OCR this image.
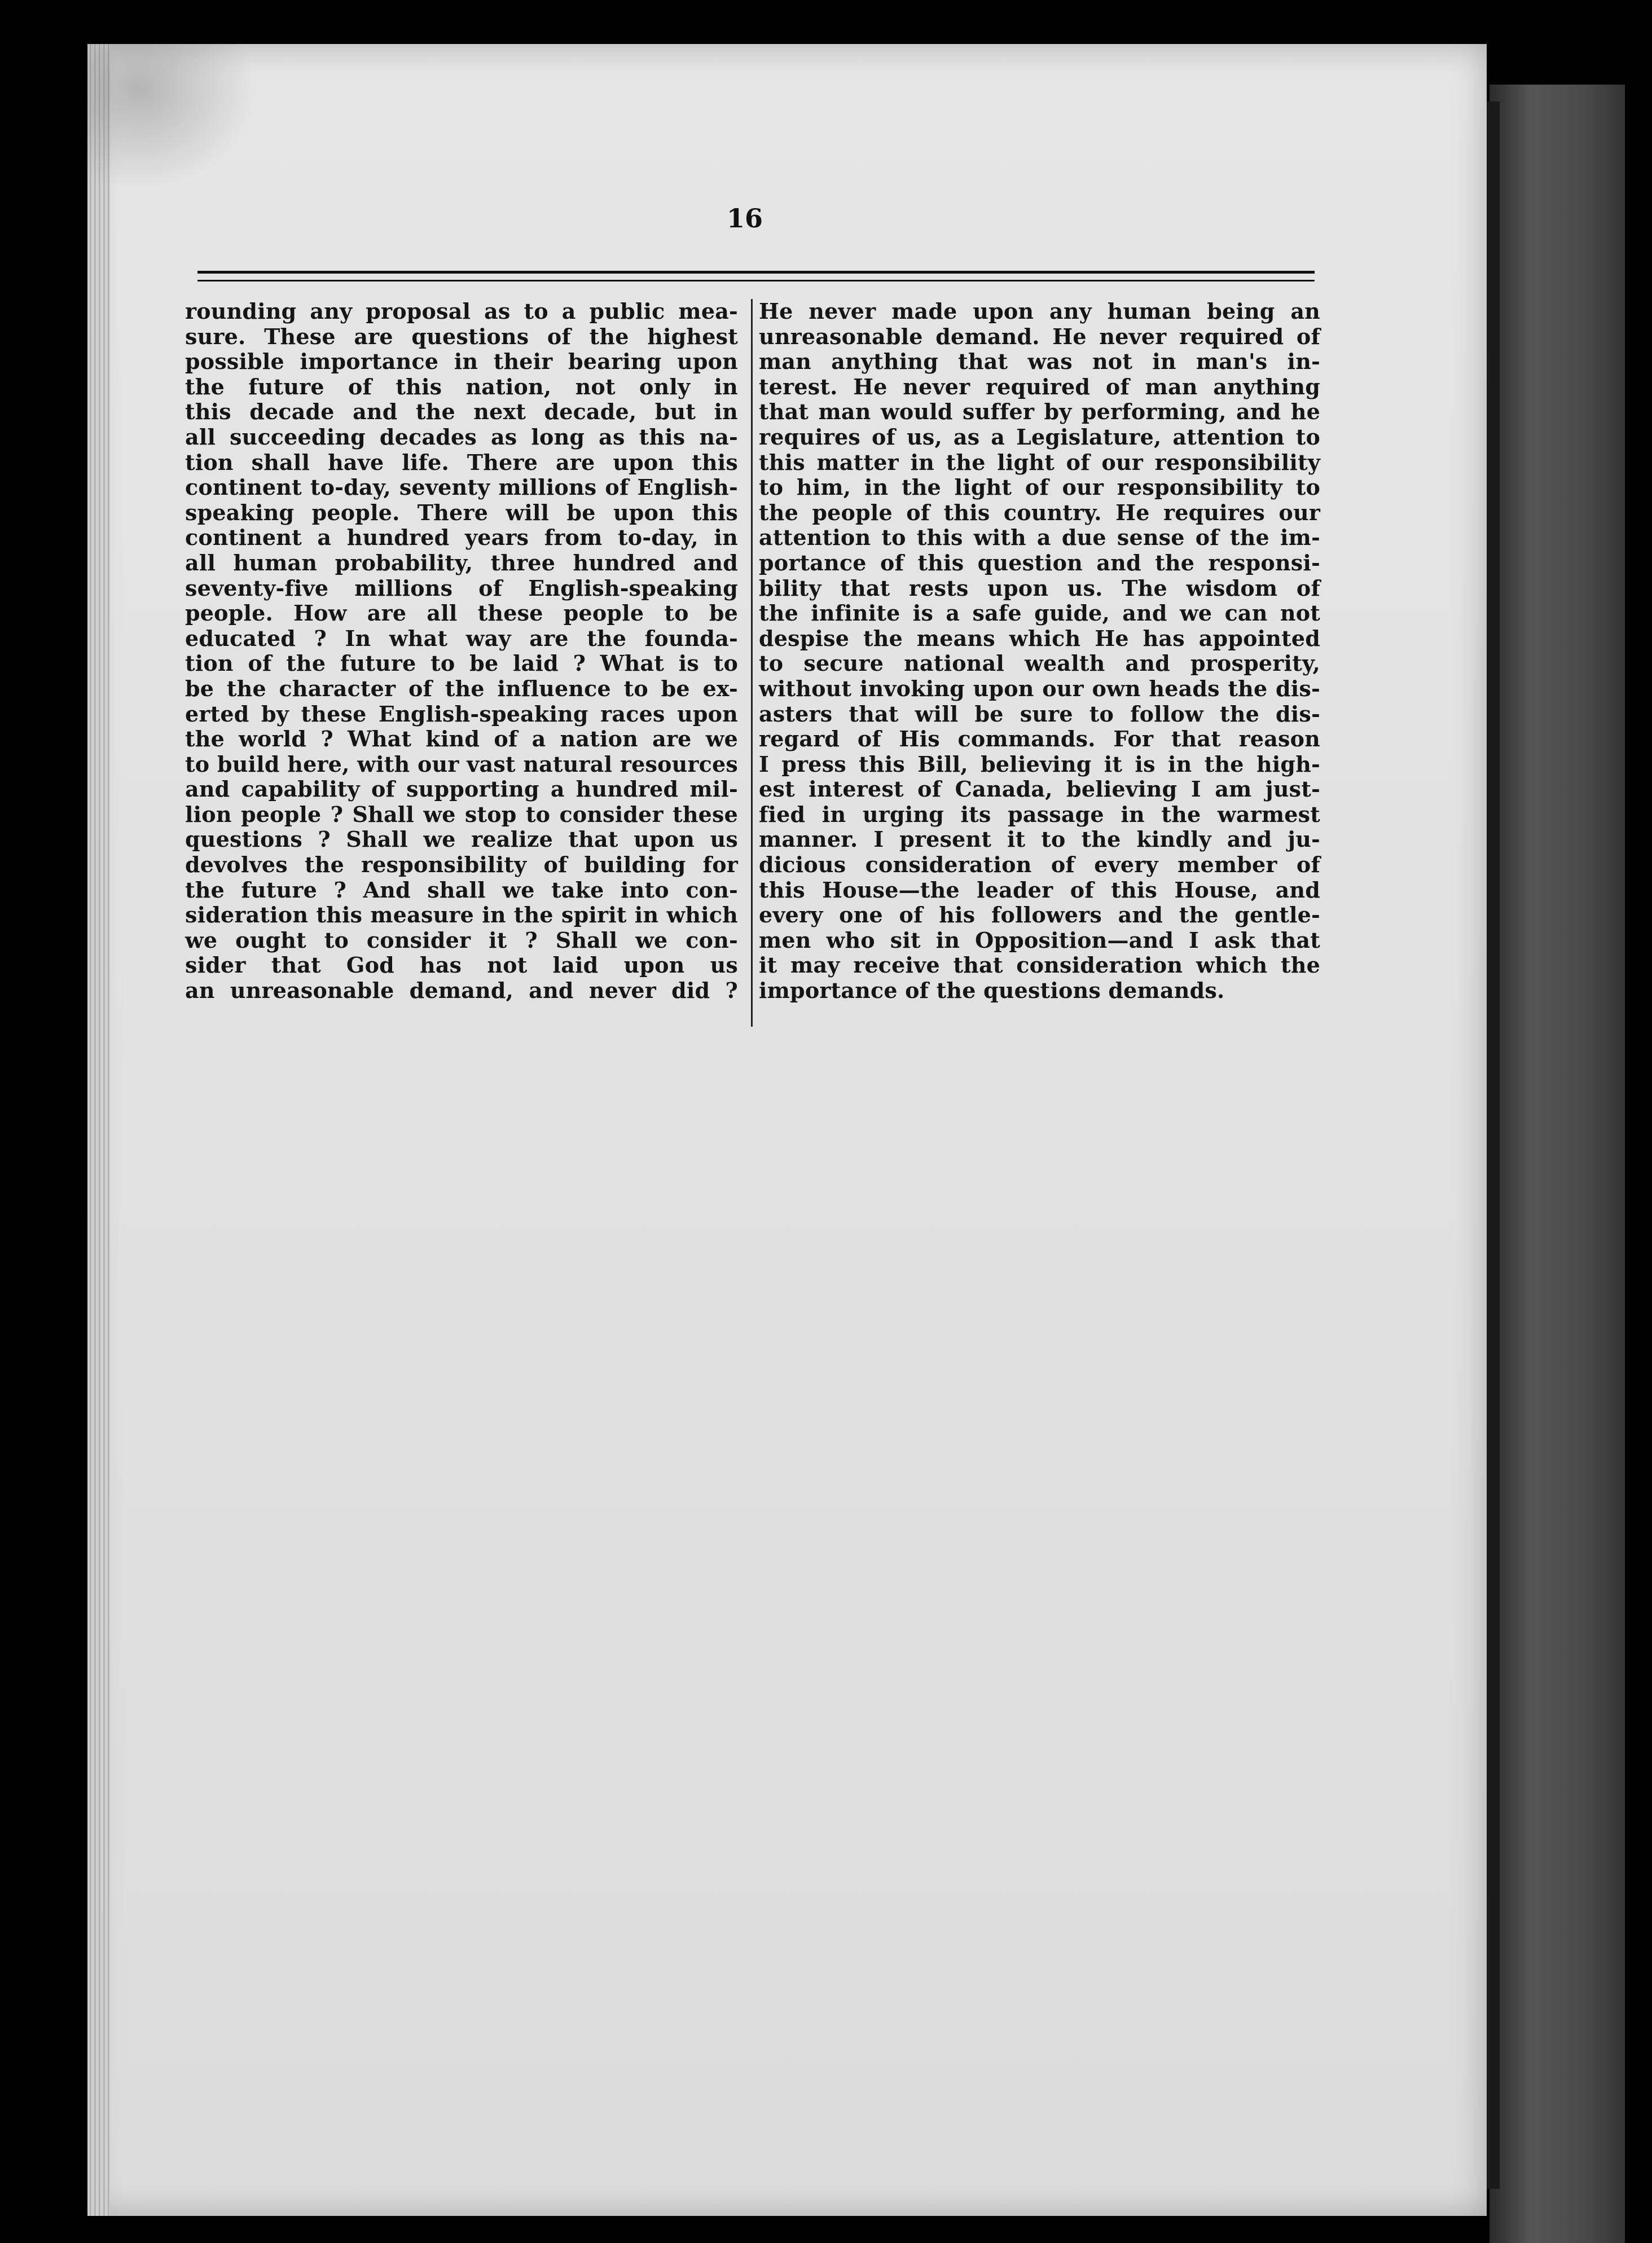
16
rounding any proposal as to a public mea-
sure. These are questions of the highest
possible importance in their bearing upon
the future of this nation, not only in
this decade and the next decade, but in
all succeeding decades as long as this na-
tion shall have life. There are upon this
continent to-day, seventy millions of English-
speaking people. There will be upon this
continent a hundred years from to-day, in
all human probability, three hundred and
seventy-five millions of English-speaking
people. How are all these people to be
educated ? In what way are the founda-
tion of the future to be laid ? What is to
be the character of the influence to be ex-
erted by these English-speaking races upon
the world ? What kind of a nation are we
to build here, with our vast natural resources
and capability of supporting a hundred mil-
lion people ? Shall we stop to consider these
questions ? Shall we realize that upon us
devolves the responsibility of building for
the future ? And shall we take into con-
sideration this measure in the spirit in which
we ought to consider it ? Shall we con-
sider that God has not laid upon us
an unreasonable demand, and never did ?
He never made upon any human being an
unreasonable demand. He never required of
man anything that was not in man's in-
terest. He never required of man anything
that man would suffer by performing, and he
requires of us, as a Legislature, attention to
this matter in the light of our responsibility
to him, in the light of our responsibility to
the people of this country. He requires our
attention to this with a due sense of the im-
portance of this question and the responsi-
bility that rests upon us. The wisdom of
the infinite is a safe guide, and we can not
despise the means which He has appointed
to secure national wealth and prosperity,
without invoking upon our own heads the dis-
asters that will be sure to follow the dis-
regard of His commands. For that reason
I press this Bill, believing it is in the high-
est interest of Canada, believing I am just-
fied in urging its passage in the warmest
manner. I present it to the kindly and ju-
dicious consideration of every member of
this House—the leader of this House, and
every one of his followers and the gentle-
men who sit in Opposition—and I ask that
it may receive that consideration which the
importance of the questions demands.
